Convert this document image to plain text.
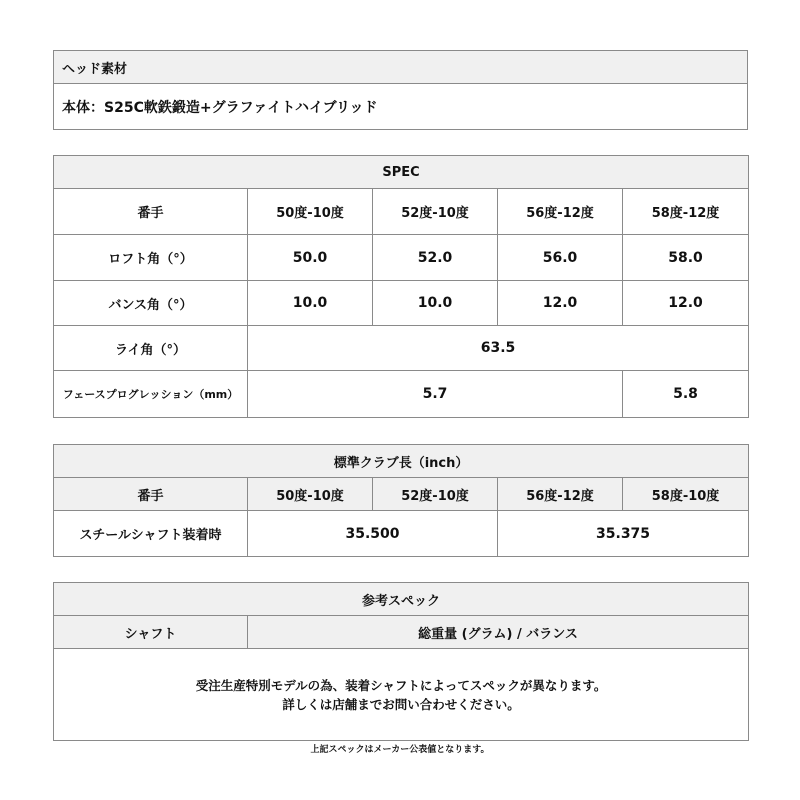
ヘッド素材
本体：S25C軟鉄鍛造+グラファイトハイブリッド
SPEC				
番手	50度-10度	52度-10度	56度-12度	58度-12度
ロフト角（°）	50.0	52.0	56.0	58.0
バンス角（°）	10.0	10.0	12.0	12.0
ライ角（°）	63.5			
フェースプログレッション（mm）	5.7			5.8
標準クラブ長（inch）				
番手	50度-10度	52度-10度	56度-12度	58度-10度
スチールシャフト装着時	35.500		35.375	
参考スペック
シャフト	総重量 (グラム) / バランス

受注生産特別モデルの為、装着シャフトによってスペックが異なります。
詳しくは店舗までお問い合わせください。
上記スペックはメーカー公表値となります。
